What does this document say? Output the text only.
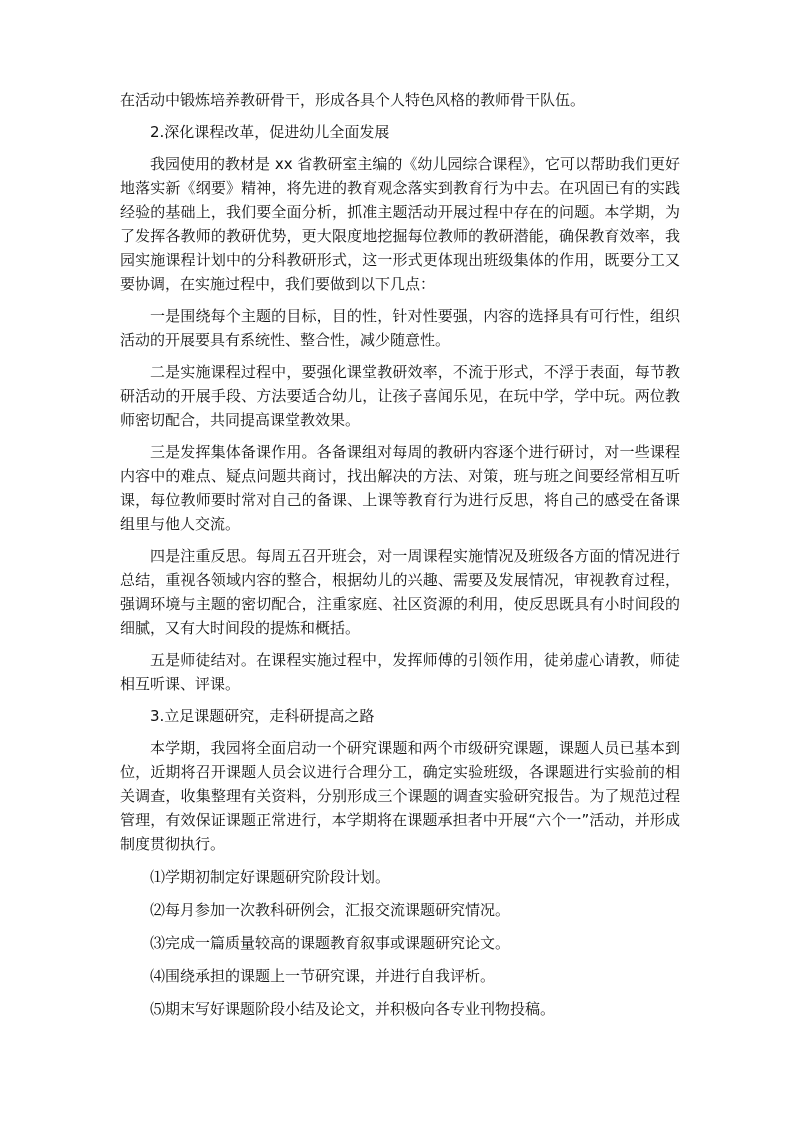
在活动中锻炼培养教研骨干，形成各具个人特色风格的教师骨干队伍。

2.深化课程改革，促进幼儿全面发展

我园使用的教材是 xx 省教研室主编的《幼儿园综合课程》，它可以帮助我们更好地落实新《纲要》精神，将先进的教育观念落实到教育行为中去。在巩固已有的实践经验的基础上，我们要全面分析，抓准主题活动开展过程中存在的问题。本学期，为了发挥各教师的教研优势，更大限度地挖掘每位教师的教研潜能，确保教育效率，我园实施课程计划中的分科教研形式，这一形式更体现出班级集体的作用，既要分工又要协调，在实施过程中，我们要做到以下几点：

一是围绕每个主题的目标，目的性，针对性要强，内容的选择具有可行性，组织活动的开展要具有系统性、整合性，减少随意性。

二是实施课程过程中，要强化课堂教研效率，不流于形式，不浮于表面，每节教研活动的开展手段、方法要适合幼儿，让孩子喜闻乐见，在玩中学，学中玩。两位教师密切配合，共同提高课堂教效果。

三是发挥集体备课作用。各备课组对每周的教研内容逐个进行研讨，对一些课程内容中的难点、疑点问题共商讨，找出解决的方法、对策，班与班之间要经常相互听课，每位教师要时常对自己的备课、上课等教育行为进行反思，将自己的感受在备课组里与他人交流。

四是注重反思。每周五召开班会，对一周课程实施情况及班级各方面的情况进行总结，重视各领域内容的整合，根据幼儿的兴趣、需要及发展情况，审视教育过程，强调环境与主题的密切配合，注重家庭、社区资源的利用，使反思既具有小时间段的细腻，又有大时间段的提炼和概括。

五是师徒结对。在课程实施过程中，发挥师傅的引领作用，徒弟虚心请教，师徒相互听课、评课。

3.立足课题研究，走科研提高之路

本学期，我园将全面启动一个研究课题和两个市级研究课题，课题人员已基本到位，近期将召开课题人员会议进行合理分工，确定实验班级，各课题进行实验前的相关调查，收集整理有关资料，分别形成三个课题的调查实验研究报告。为了规范过程管理，有效保证课题正常进行，本学期将在课题承担者中开展“六个一”活动，并形成制度贯彻执行。

⑴学期初制定好课题研究阶段计划。

⑵每月参加一次教科研例会，汇报交流课题研究情况。

⑶完成一篇质量较高的课题教育叙事或课题研究论文。

⑷围绕承担的课题上一节研究课，并进行自我评析。

⑸期末写好课题阶段小结及论文，并积极向各专业刊物投稿。
